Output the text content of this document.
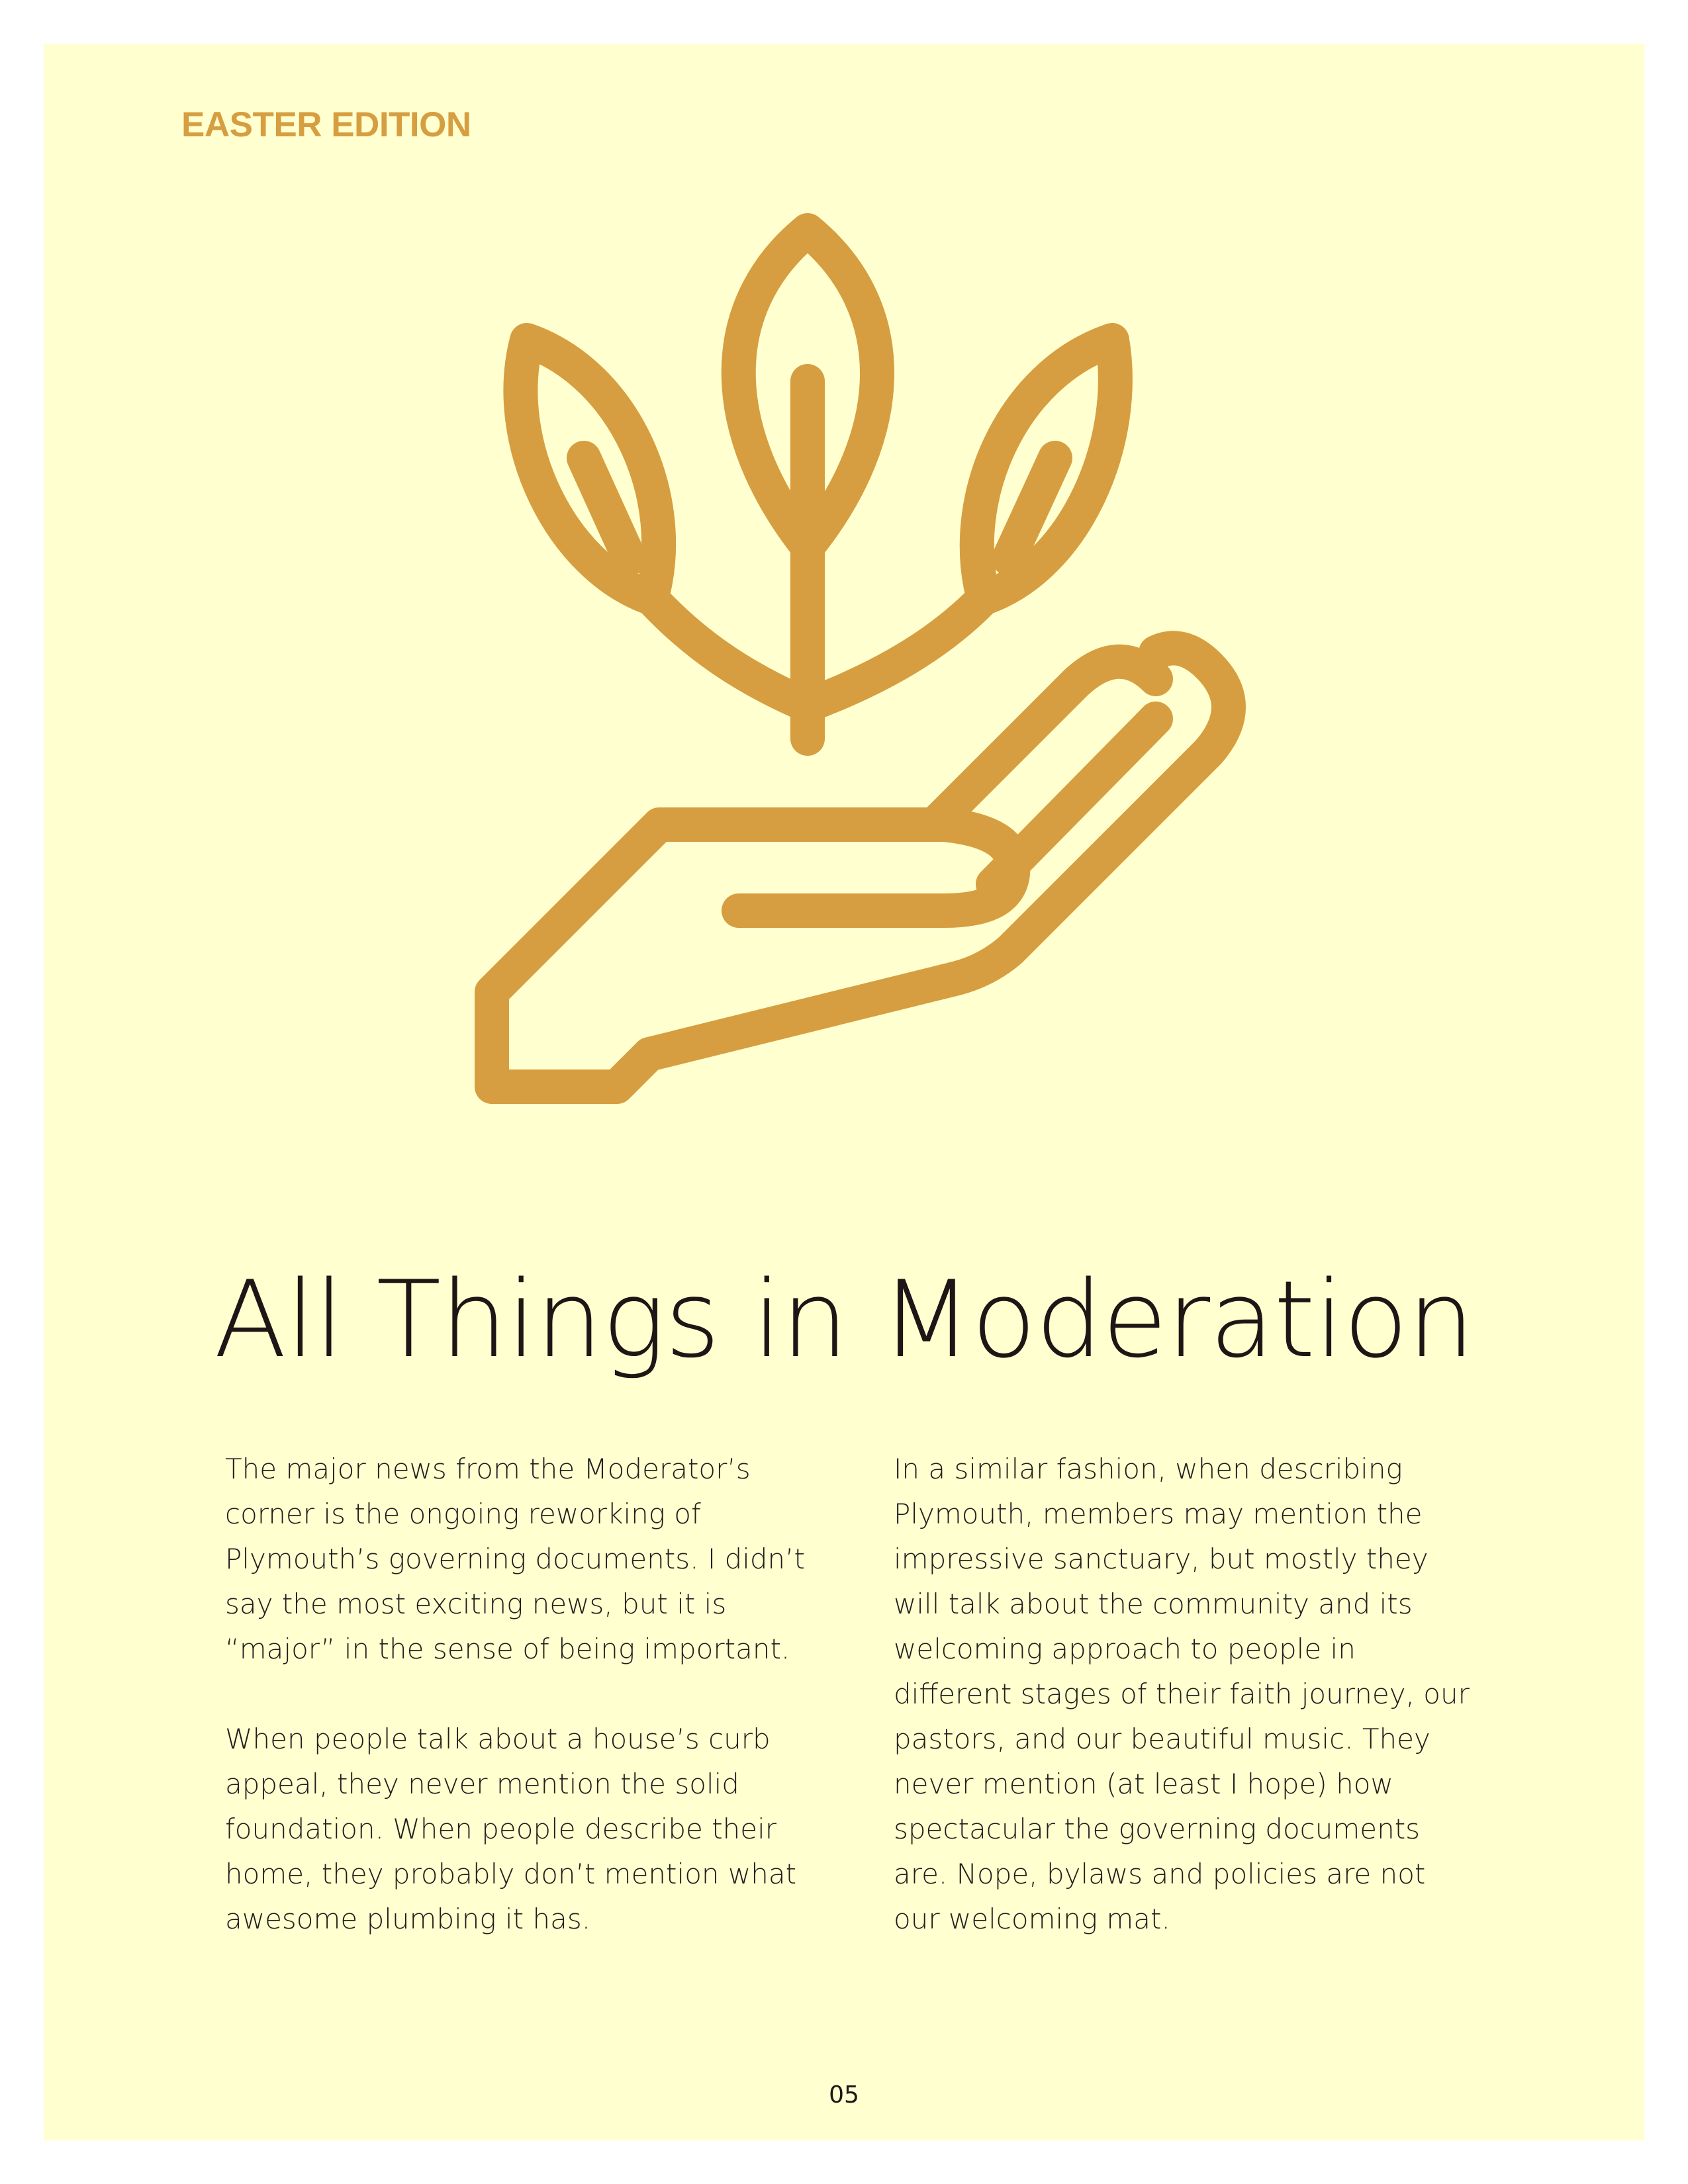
EASTER EDITION
All Things in Moderation

The major news from the Moderator’s corner is the ongoing reworking of Plymouth’s governing documents. I didn’t say the most exciting news, but it is “major” in the sense of being important.

When people talk about a house’s curb appeal, they never mention the solid foundation. When people describe their home, they probably don’t mention what awesome plumbing it has.

In a similar fashion, when describing Plymouth, members may mention the impressive sanctuary, but mostly they will talk about the community and its welcoming approach to people in different stages of their faith journey, our pastors, and our beautiful music. They never mention (at least I hope) how spectacular the governing documents are. Nope, bylaws and policies are not our welcoming mat.

05
